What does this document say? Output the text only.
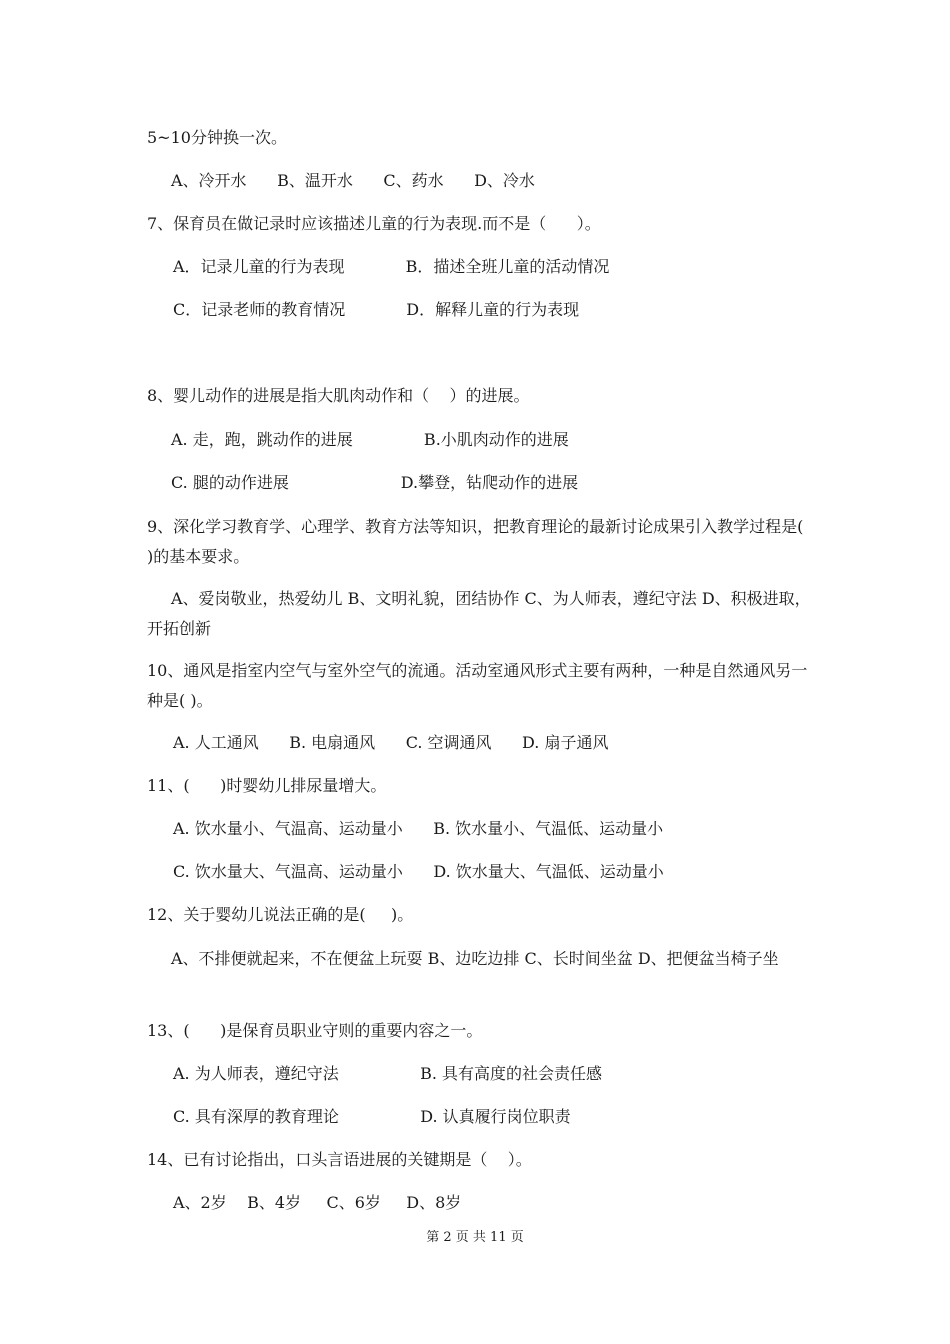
5~10分钟换一次。
A、冷开水      B、温开水      C、药水      D、冷水
7、保育员在做记录时应该描述儿童的行为表现.而不是（      ）。
A．记录儿童的行为表现            B．描述全班儿童的活动情况
C．记录老师的教育情况            D．解释儿童的行为表现
8、婴儿动作的进展是指大肌肉动作和（    ）的进展。
A. 走，跑，跳动作的进展              B.小肌肉动作的进展
C. 腿的动作进展                      D.攀登，钻爬动作的进展
9、深化学习教育学、心理学、教育方法等知识，把教育理论的最新讨论成果引入教学过程是( )的基本要求。
A、爱岗敬业，热爱幼儿 B、文明礼貌，团结协作 C、为人师表，遵纪守法 D、积极进取，开拓创新
10、通风是指室内空气与室外空气的流通。活动室通风形式主要有两种，一种是自然通风另一种是( )。
A. 人工通风      B. 电扇通风      C. 空调通风      D. 扇子通风
11、(      )时婴幼儿排尿量增大。
A. 饮水量小、气温高、运动量小      B. 饮水量小、气温低、运动量小
C. 饮水量大、气温高、运动量小      D. 饮水量大、气温低、运动量小
12、关于婴幼儿说法正确的是(     )。
A、不排便就起来，不在便盆上玩耍 B、边吃边排 C、长时间坐盆 D、把便盆当椅子坐
13、(      )是保育员职业守则的重要内容之一。
A. 为人师表，遵纪守法                B. 具有高度的社会责任感
C. 具有深厚的教育理论                D. 认真履行岗位职责
14、已有讨论指出，口头言语进展的关键期是（    ）。
A、2岁    B、4岁     C、6岁     D、8岁
第 2 页 共 11 页
